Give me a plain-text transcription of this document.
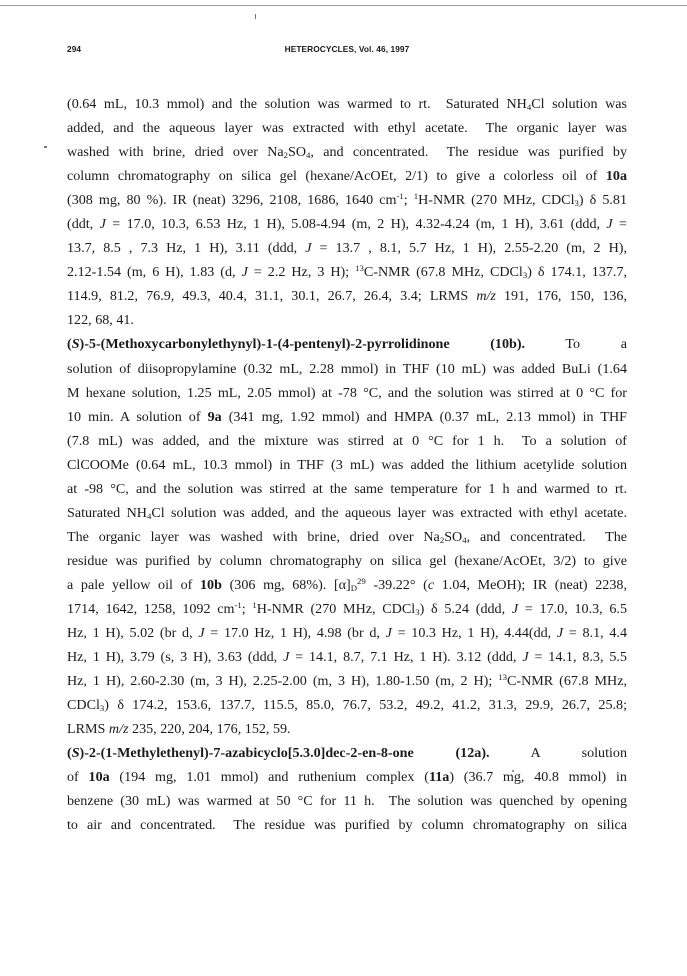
294	HETEROCYCLES, Vol. 46, 1997
(0.64 mL, 10.3 mmol) and the solution was warmed to rt.  Saturated $NH_4Cl$ solution was
added, and the aqueous layer was extracted with ethyl acetate.  The organic layer was
washed with brine, dried over $Na_2SO_4$, and concentrated.  The residue was purified by
column chromatography on silica gel (hexane/AcOEt, 2/1) to give a colorless oil of 10a
(308 mg, 80 %). IR (neat) 3296, 2108, 1686, 1640 $cm^{-1}$; $^1$H-NMR (270 MHz, CDCl$_3$) δ 5.81
(ddt, J = 17.0, 10.3, 6.53 Hz, 1 H), 5.08-4.94 (m, 2 H), 4.32-4.24 (m, 1 H), 3.61 (ddd, J =
13.7, 8.5 , 7.3 Hz, 1 H), 3.11 (ddd, J = 13.7 , 8.1, 5.7 Hz, 1 H), 2.55-2.20 (m, 2 H),
2.12-1.54 (m, 6 H), 1.83 (d, J = 2.2 Hz, 3 H); $^{13}$C-NMR (67.8 MHz, CDCl$_3$) δ 174.1, 137.7,
114.9, 81.2, 76.9, 49.3, 40.4, 31.1, 30.1, 26.7, 26.4, 3.4; LRMS m/z 191, 176, 150, 136,
122, 68, 41.
(S)-5-(Methoxycarbonylethynyl)-1-(4-pentenyl)-2-pyrrolidinone (10b). To a
solution of diisopropylamine (0.32 mL, 2.28 mmol) in THF (10 mL) was added BuLi (1.64
M hexane solution, 1.25 mL, 2.05 mmol) at -78 °C, and the solution was stirred at 0 °C for
10 min. A solution of 9a (341 mg, 1.92 mmol) and HMPA (0.37 mL, 2.13 mmol) in THF
(7.8 mL) was added, and the mixture was stirred at 0 °C for 1 h.  To a solution of
ClCOOMe (0.64 mL, 10.3 mmol) in THF (3 mL) was added the lithium acetylide solution
at -98 °C, and the solution was stirred at the same temperature for 1 h and warmed to rt.
Saturated $NH_4Cl$ solution was added, and the aqueous layer was extracted with ethyl acetate.
The organic layer was washed with brine, dried over $Na_2SO_4$, and concentrated.  The
residue was purified by column chromatography on silica gel (hexane/AcOEt, 3/2) to give
a pale yellow oil of 10b (306 mg, 68%). $[\alpha]_D^{29}$ -39.22° (c 1.04, MeOH); IR (neat) 2238,
1714, 1642, 1258, 1092 $cm^{-1}$; $^1$H-NMR (270 MHz, CDCl$_3$) δ 5.24 (ddd, J = 17.0, 10.3, 6.5
Hz, 1 H), 5.02 (br d, J = 17.0 Hz, 1 H), 4.98 (br d, J = 10.3 Hz, 1 H), 4.44(dd, J = 8.1, 4.4
Hz, 1 H), 3.79 (s, 3 H), 3.63 (ddd, J = 14.1, 8.7, 7.1 Hz, 1 H). 3.12 (ddd, J = 14.1, 8.3, 5.5
Hz, 1 H), 2.60-2.30 (m, 3 H), 2.25-2.00 (m, 3 H), 1.80-1.50 (m, 2 H); $^{13}$C-NMR (67.8 MHz,
CDCl$_3$) δ 174.2, 153.6, 137.7, 115.5, 85.0, 76.7, 53.2, 49.2, 41.2, 31.3, 29.9, 26.7, 25.8;
LRMS m/z 235, 220, 204, 176, 152, 59.
(S)-2-(1-Methylethenyl)-7-azabicyclo[5.3.0]dec-2-en-8-one (12a). A solution
of 10a (194 mg, 1.01 mmol) and ruthenium complex (11a) (36.7 mg, 40.8 mmol) in
benzene (30 mL) was warmed at 50 °C for 11 h.  The solution was quenched by opening
to air and concentrated.  The residue was purified by column chromatography on silica
